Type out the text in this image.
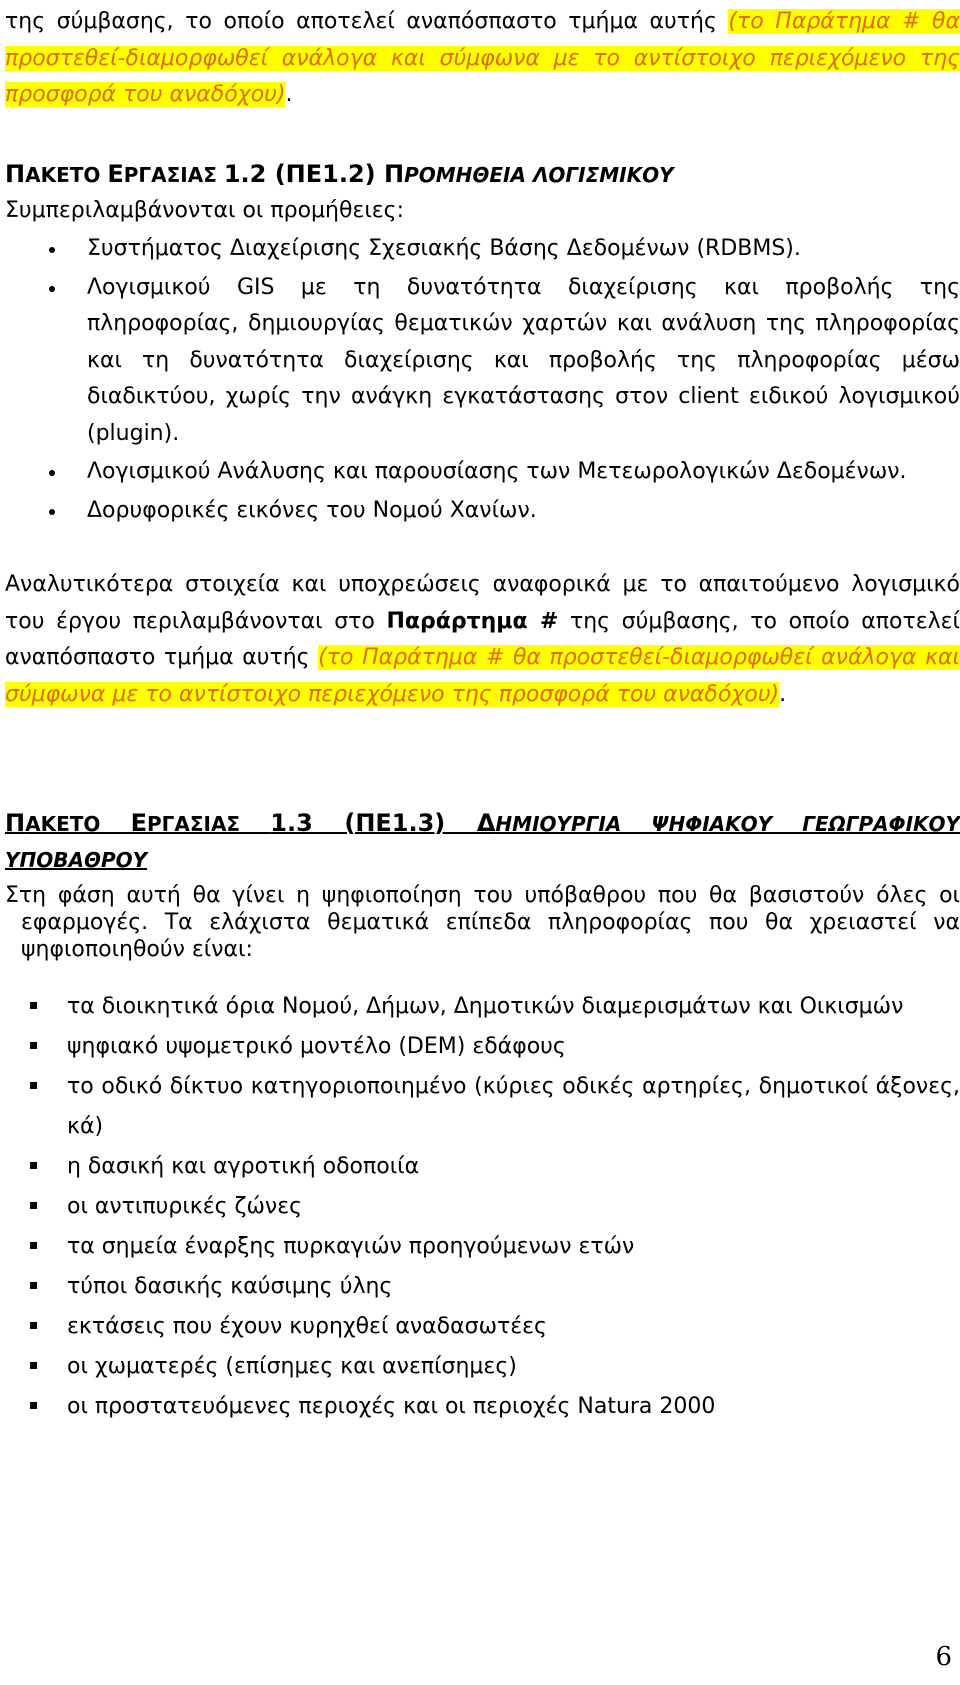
της σύμβασης, το οποίο αποτελεί αναπόσπαστο τμήμα αυτής (το Παράτημα # θα προστεθεί-διαμορφωθεί ανάλογα και σύμφωνα με το αντίστοιχο περιεχόμενο της προσφορά του αναδόχου).

ΠΑΚΕΤΟ ΕΡΓΑΣΙΑΣ 1.2 (ΠΕ1.2) ΠΡΟΜΗΘΕΙΑ ΛΟΓΙΣΜΙΚΟΥ

Συμπεριλαμβάνονται οι προμήθειες:

Συστήματος Διαχείρισης Σχεσιακής Βάσης Δεδομένων (RDBMS).
Λογισμικού GIS με τη δυνατότητα διαχείρισης και προβολής της πληροφορίας, δημιουργίας θεματικών χαρτών και ανάλυση της πληροφορίας και τη δυνατότητα διαχείρισης και προβολής της πληροφορίας μέσω διαδικτύου, χωρίς την ανάγκη εγκατάστασης στον client ειδικού λογισμικού (plugin).
Λογισμικού Ανάλυσης και παρουσίασης των Μετεωρολογικών Δεδομένων.
Δορυφορικές εικόνες του Νομού Χανίων.

Αναλυτικότερα στοιχεία και υποχρεώσεις αναφορικά με το απαιτούμενο λογισμικό του έργου περιλαμβάνονται στο Παράρτημα # της σύμβασης, το οποίο αποτελεί αναπόσπαστο τμήμα αυτής (το Παράτημα # θα προστεθεί-διαμορφωθεί ανάλογα και σύμφωνα με το αντίστοιχο περιεχόμενο της προσφορά του αναδόχου).

ΠΑΚΕΤΟ ΕΡΓΑΣΙΑΣ 1.3 (ΠΕ1.3) ΔΗΜΙΟΥΡΓΙΑ ΨΗΦΙΑΚΟΥ ΓΕΩΓΡΑΦΙΚΟΥ ΥΠΟΒΑΘΡΟΥ

Στη φάση αυτή θα γίνει η ψηφιοποίηση του υπόβαθρου που θα βασιστούν όλες οι εφαρμογές. Τα ελάχιστα θεματικά επίπεδα πληροφορίας που θα χρειαστεί να ψηφιοποιηθούν είναι:

τα διοικητικά όρια Νομού, Δήμων, Δημοτικών διαμερισμάτων και Οικισμών
ψηφιακό υψομετρικό μοντέλο (DEM) εδάφους
το οδικό δίκτυο κατηγοριοποιημένο (κύριες οδικές αρτηρίες, δημοτικοί άξονες, κά)
η δασική και αγροτική οδοποιία
οι αντιπυρικές ζώνες
τα σημεία έναρξης πυρκαγιών προηγούμενων ετών
τύποι δασικής καύσιμης ύλης
εκτάσεις που έχουν κυρηχθεί αναδασωτέες
οι χωματερές (επίσημες και ανεπίσημες)
οι προστατευόμενες περιοχές και οι περιοχές Natura 2000
6
